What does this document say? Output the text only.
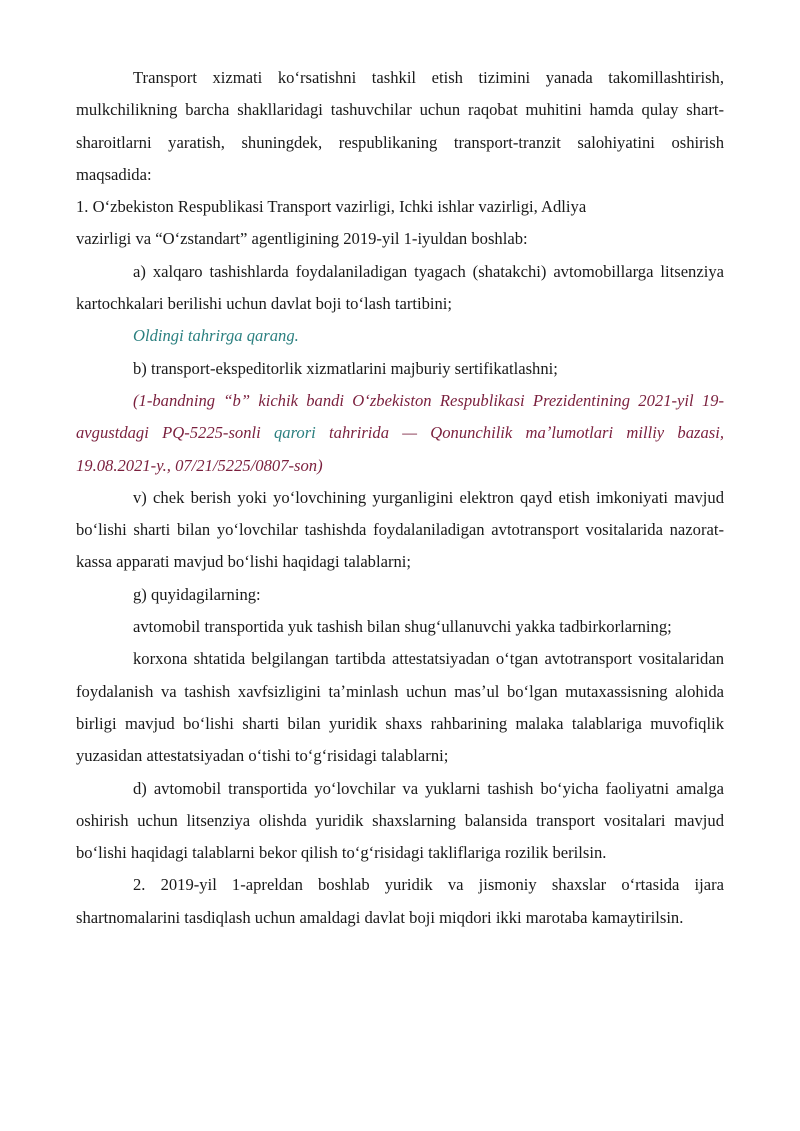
Transport xizmati koʻrsatishni tashkil etish tizimini yanada takomillashtirish, mulkchilikning barcha shakllaridagi tashuvchilar uchun raqobat muhitini hamda qulay shart-sharoitlarni yaratish, shuningdek, respublikaning transport-tranzit salohiyatini oshirish maqsadida:

1. Oʻzbekiston Respublikasi Transport vazirligi, Ichki ishlar vazirligi, Adliya

vazirligi va “Oʻzstandart” agentligining 2019-yil 1-iyuldan boshlab:

a) xalqaro tashishlarda foydalaniladigan tyagach (shatakchi) avtomobillarga litsenziya kartochkalari berilishi uchun davlat boji toʻlash tartibini;

Oldingi tahrirga qarang.

b) transport-ekspeditorlik xizmatlarini majburiy sertifikatlashni;

(1-bandning “b” kichik bandi Oʻzbekiston Respublikasi Prezidentining 2021-yil 19-avgustdagi PQ-5225-sonli qarori tahririda — Qonunchilik maʼlumotlari milliy bazasi, 19.08.2021-y., 07/21/5225/0807-son)

v) chek berish yoki yoʻlovchining yurganligini elektron qayd etish imkoniyati mavjud boʻlishi sharti bilan yoʻlovchilar tashishda foydalaniladigan avtotransport vositalarida nazorat-kassa apparati mavjud boʻlishi haqidagi talablarni;

g) quyidagilarning:

avtomobil transportida yuk tashish bilan shugʻullanuvchi yakka tadbirkorlarning;

korxona shtatida belgilangan tartibda attestatsiyadan oʻtgan avtotransport vositalaridan foydalanish va tashish xavfsizligini taʼminlash uchun masʼul boʻlgan mutaxassisning alohida birligi mavjud boʻlishi sharti bilan yuridik shaxs rahbarining malaka talablariga muvofiqlik yuzasidan attestatsiyadan oʻtishi toʻgʻrisidagi talablarni;

d) avtomobil transportida yoʻlovchilar va yuklarni tashish boʻyicha faoliyatni amalga oshirish uchun litsenziya olishda yuridik shaxslarning balansida transport vositalari mavjud boʻlishi haqidagi talablarni bekor qilish toʻgʻrisidagi takliflariga rozilik berilsin.

2. 2019-yil 1-apreldan boshlab yuridik va jismoniy shaxslar oʻrtasida ijara shartnomalarini tasdiqlash uchun amaldagi davlat boji miqdori ikki marotaba kamaytirilsin.
